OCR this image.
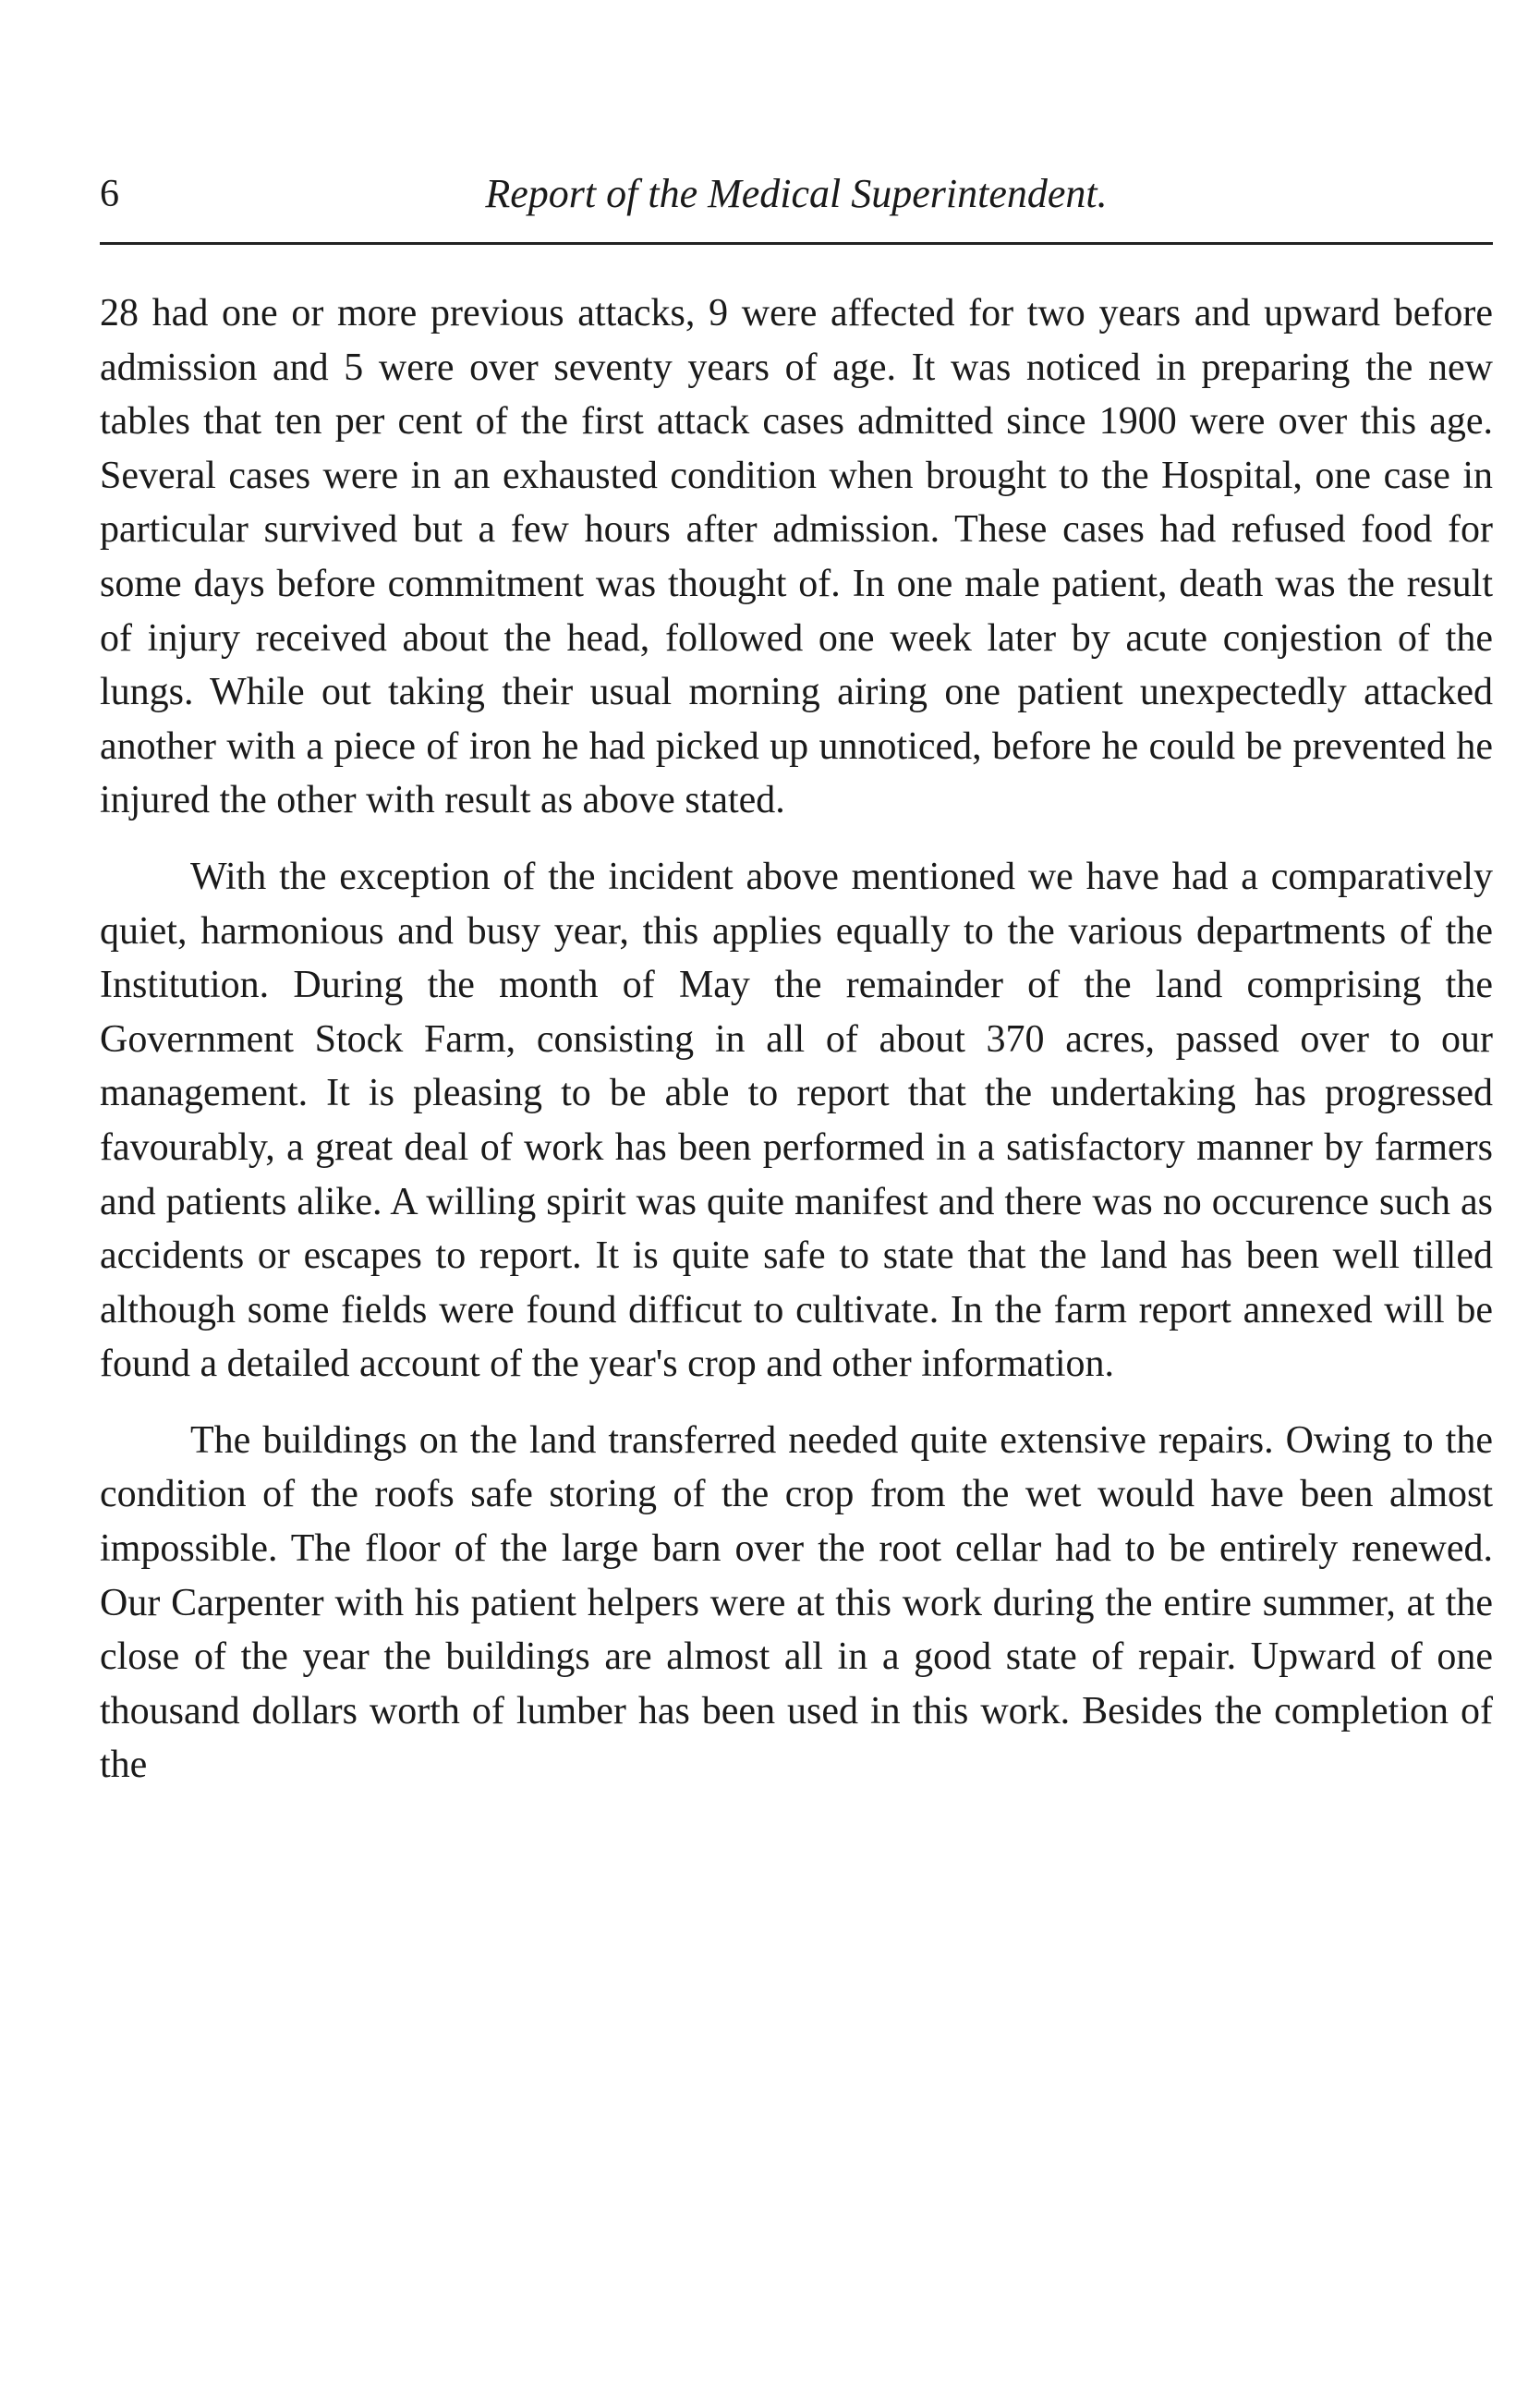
6	Report of the Medical Superintendent.

28 had one or more previous attacks, 9 were affected for two years and upward before admission and 5 were over seventy years of age. It was noticed in preparing the new tables that ten per cent of the first attack cases admitted since 1900 were over this age. Several cases were in an exhausted condition when brought to the Hospital, one case in particular survived but a few hours after admission. These cases had refused food for some days before commitment was thought of. In one male patient, death was the result of injury received about the head, followed one week later by acute conjestion of the lungs. While out taking their usual morning airing one patient unexpectedly attacked another with a piece of iron he had picked up unnoticed, before he could be prevented he injured the other with result as above stated.

With the exception of the incident above mentioned we have had a comparatively quiet, harmonious and busy year, this applies equally to the various departments of the Institution. During the month of May the remainder of the land comprising the Government Stock Farm, consisting in all of about 370 acres, passed over to our management. It is pleasing to be able to report that the undertaking has progressed favourably, a great deal of work has been performed in a satisfactory manner by farmers and patients alike. A willing spirit was quite manifest and there was no occurence such as accidents or escapes to report. It is quite safe to state that the land has been well tilled although some fields were found difficut to cultivate. In the farm report annexed will be found a detailed account of the year's crop and other information.

The buildings on the land transferred needed quite extensive repairs. Owing to the condition of the roofs safe storing of the crop from the wet would have been almost impossible. The floor of the large barn over the root cellar had to be entirely renewed. Our Carpenter with his patient helpers were at this work during the entire summer, at the close of the year the buildings are almost all in a good state of repair. Upward of one thousand dollars worth of lumber has been used in this work. Besides the completion of the
